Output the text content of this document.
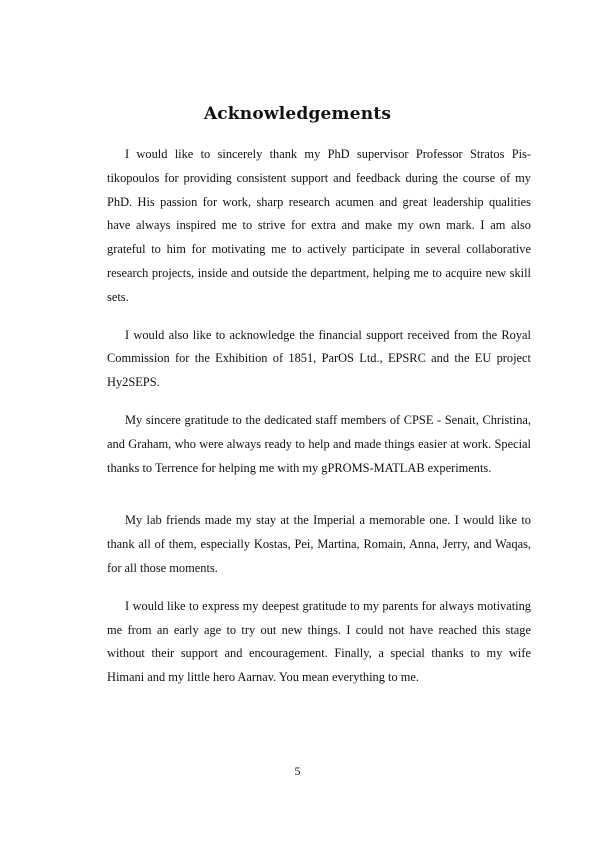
Acknowledgements

I would like to sincerely thank my PhD supervisor Professor Stratos Pistikopoulos for providing consistent support and feedback during the course of my PhD. His passion for work, sharp research acumen and great leadership qualities have always inspired me to strive for extra and make my own mark. I am also grateful to him for motivating me to actively participate in several collaborative research projects, inside and outside the department, helping me to acquire new skill sets.

I would also like to acknowledge the financial support received from the Royal Commission for the Exhibition of 1851, ParOS Ltd., EPSRC and the EU project Hy2SEPS.

My sincere gratitude to the dedicated staff members of CPSE - Senait, Christina, and Graham, who were always ready to help and made things easier at work. Special thanks to Terrence for helping me with my gPROMS-MATLAB experiments.

My lab friends made my stay at the Imperial a memorable one. I would like to thank all of them, especially Kostas, Pei, Martina, Romain, Anna, Jerry, and Waqas, for all those moments.

I would like to express my deepest gratitude to my parents for always motivating me from an early age to try out new things. I could not have reached this stage without their support and encouragement. Finally, a special thanks to my wife Himani and my little hero Aarnav. You mean everything to me.

5
